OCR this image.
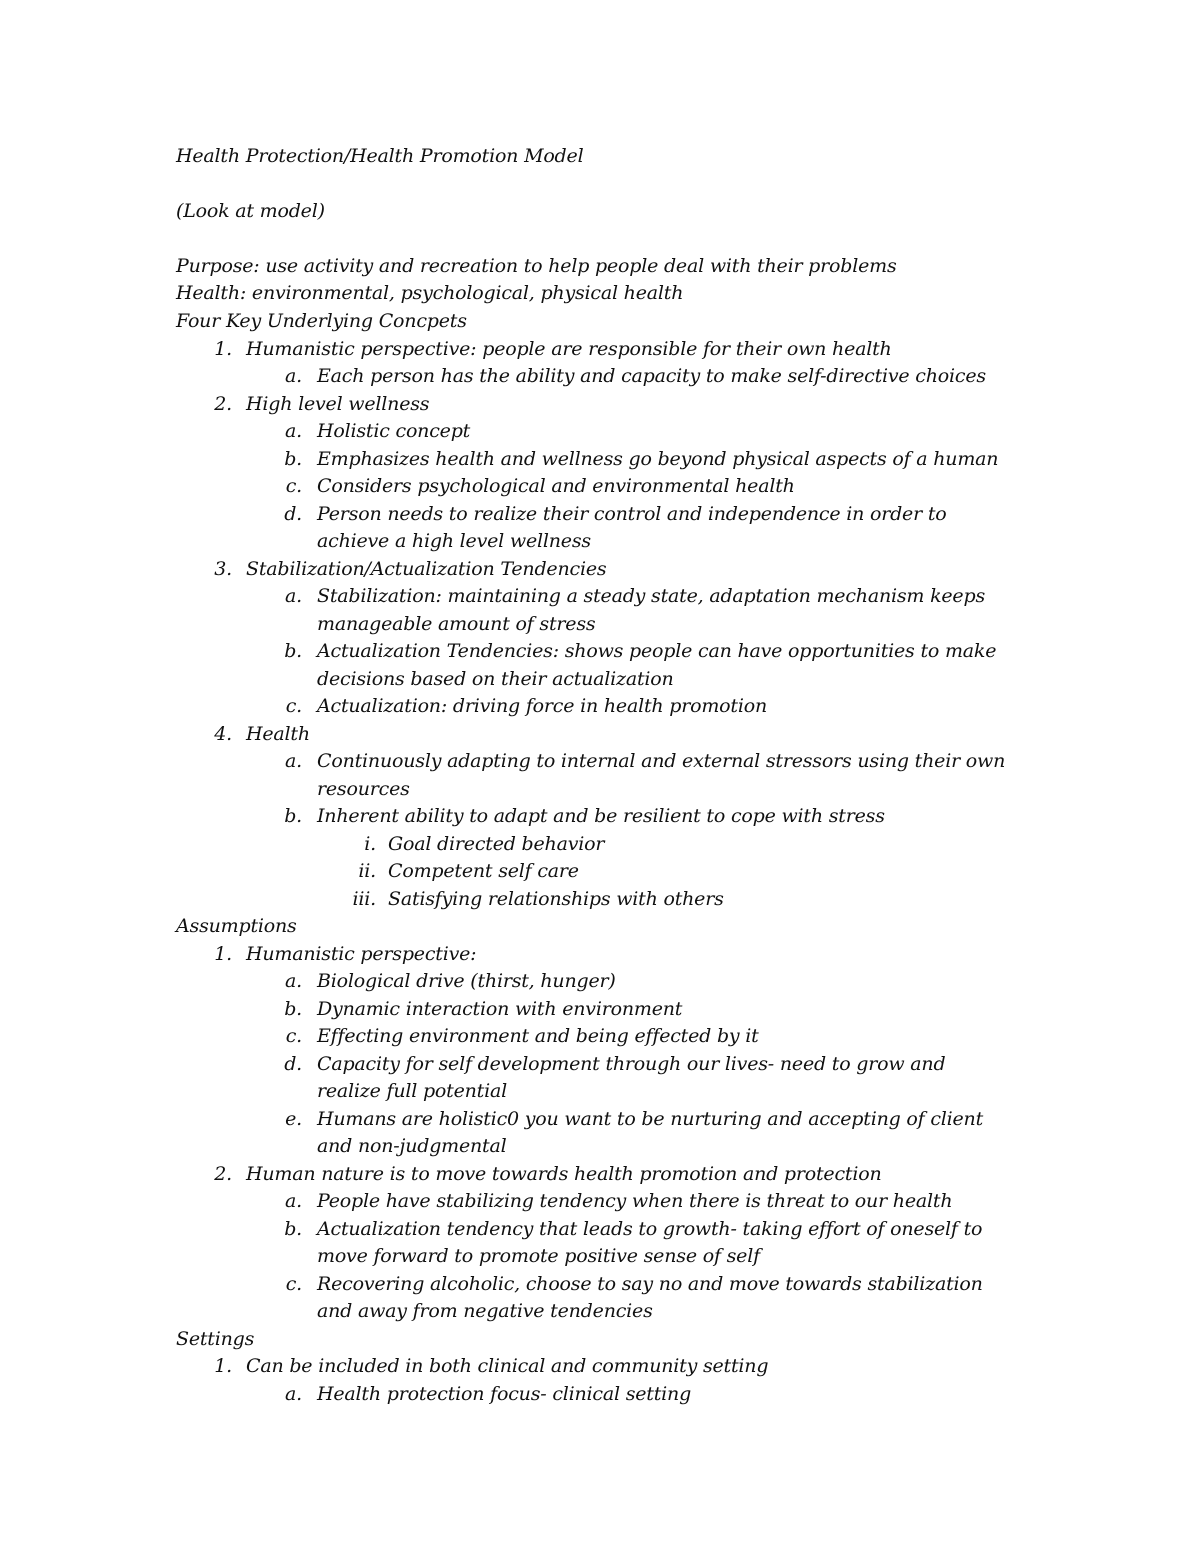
Health Protection/Health Promotion Model
(Look at model)
Purpose: use activity and recreation to help people deal with their problems
Health: environmental, psychological, physical health
Four Key Underlying Concpets
1. Humanistic perspective: people are responsible for their own health
a. Each person has the ability and capacity to make self-directive choices
2. High level wellness
a. Holistic concept
b. Emphasizes health and wellness go beyond physical aspects of a human
c. Considers psychological and environmental health
d. Person needs to realize their control and independence in order to
achieve a high level wellness
3. Stabilization/Actualization Tendencies
a. Stabilization: maintaining a steady state, adaptation mechanism keeps
manageable amount of stress
b. Actualization Tendencies: shows people can have opportunities to make
decisions based on their actualization
c. Actualization: driving force in health promotion
4. Health
a. Continuously adapting to internal and external stressors using their own
resources
b. Inherent ability to adapt and be resilient to cope with stress
i. Goal directed behavior
ii. Competent self care
iii. Satisfying relationships with others
Assumptions
1. Humanistic perspective:
a. Biological drive (thirst, hunger)
b. Dynamic interaction with environment
c. Effecting environment and being effected by it
d. Capacity for self development through our lives- need to grow and
realize full potential
e. Humans are holistic0 you want to be nurturing and accepting of client
and non-judgmental
2. Human nature is to move towards health promotion and protection
a. People have stabilizing tendency when there is threat to our health
b. Actualization tendency that leads to growth- taking effort of oneself to
move forward to promote positive sense of self
c. Recovering alcoholic, choose to say no and move towards stabilization
and away from negative tendencies
Settings
1. Can be included in both clinical and community setting
a. Health protection focus- clinical setting
